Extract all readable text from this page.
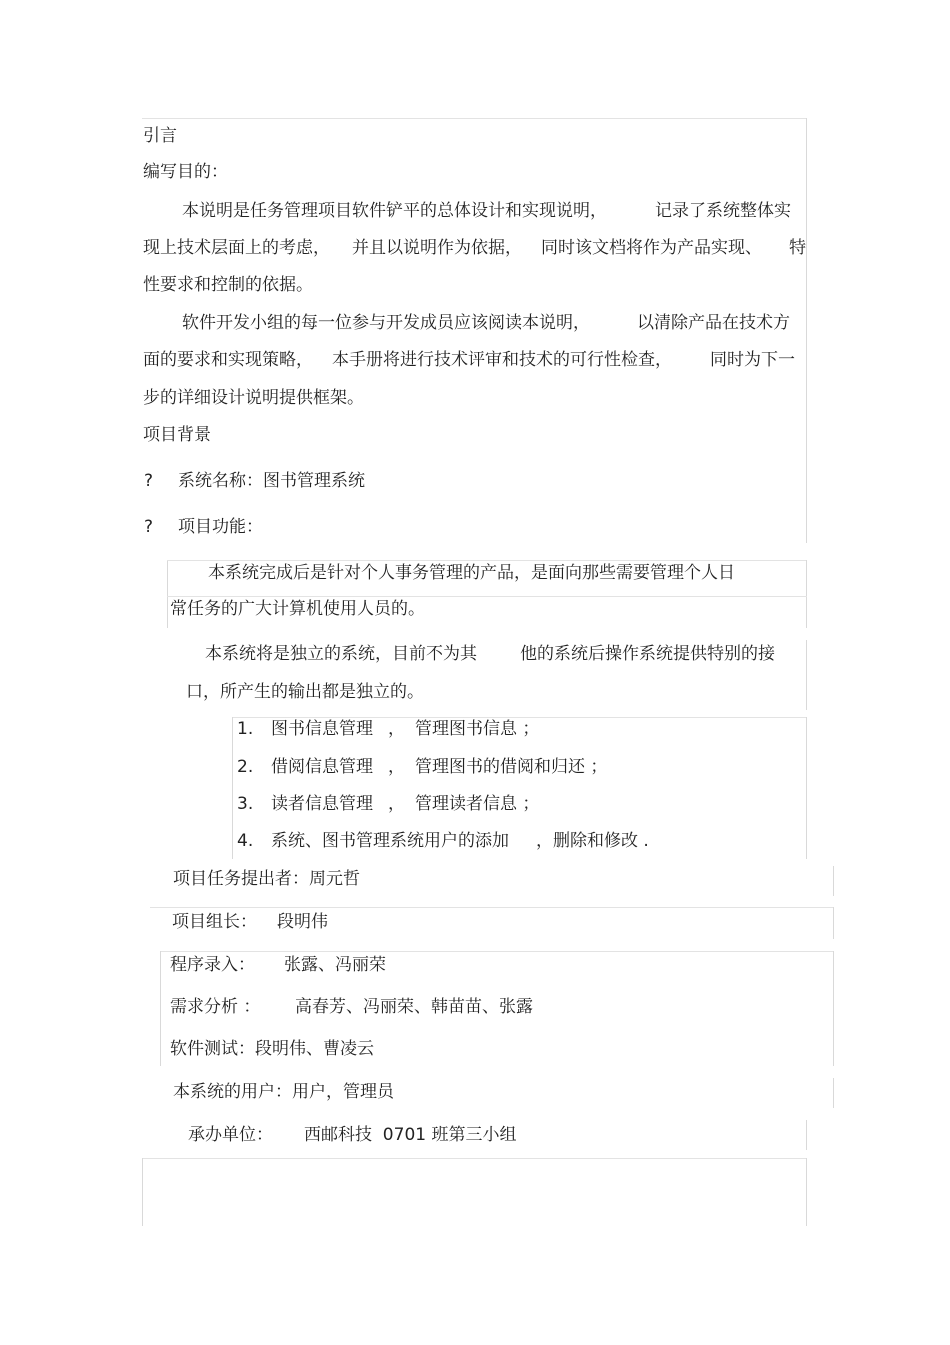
引言
编写目的：
本说明是任务管理项目软件铲平的总体设计和实现说明，	记录了系统整体实
现上技术层面上的考虑， 并且以说明作为依据， 同时该文档将作为产品实现、 特
性要求和控制的依据。
软件开发小组的每一位参与开发成员应该阅读本说明，	以清除产品在技术方
面的要求和实现策略， 本手册将进行技术评审和技术的可行性检查， 同时为下一
步的详细设计说明提供框架。
项目背景
? 系统名称：图书管理系统
? 项目功能：
本系统完成后是针对个人事务管理的产品，是面向那些需要管理个人日
常任务的广大计算机使用人员的。
本系统将是独立的系统，目前不为其	他的系统后操作系统提供特别的接
口，所产生的输出都是独立的。
1. 图书信息管理 ， 管理图书信息 ；
2. 借阅信息管理 ， 管理图书的借阅和归还 ；
3. 读者信息管理 ， 管理读者信息 ；
4. 系统、图书管理系统用户的添加 ，删除和修改 .
项目任务提出者：周元哲
项目组长： 段明伟
程序录入： 张露、冯丽荣
需求分析 ： 高春芳、冯丽荣、韩苗苗、张露
软件测试：段明伟、曹凌云
本系统的用户：用户，管理员
承办单位： 西邮科技  0701 班第三小组
